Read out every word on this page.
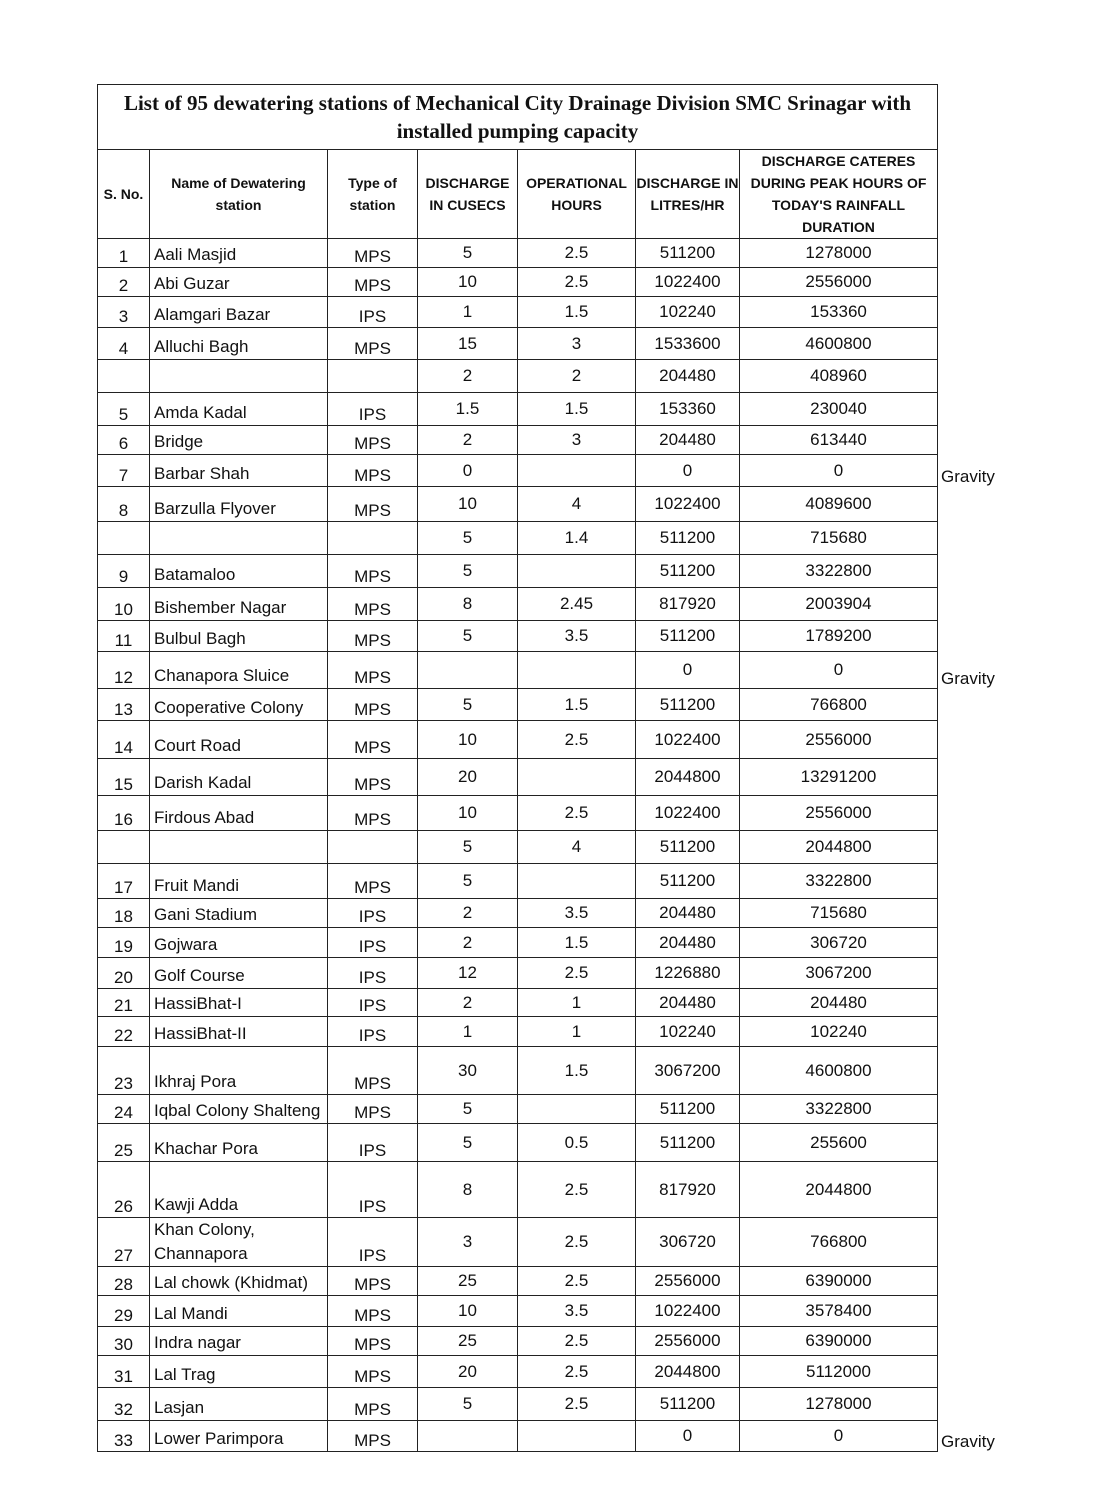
List of 95 dewatering stations of Mechanical City Drainage Division SMC Srinagar with installed pumping capacity							
S. No.	Name of Dewatering station	Type of station	DISCHARGE IN CUSECS	OPERATIONAL HOURS	DISCHARGE IN LITRES/HR	DISCHARGE CATERES DURING PEAK HOURS OF TODAY'S RAINFALL DURATION	
1	Aali Masjid	MPS	5	2.5	511200	1278000	
2	Abi Guzar	MPS	10	2.5	1022400	2556000	
3	Alamgari Bazar	IPS	1	1.5	102240	153360	
4	Alluchi Bagh	MPS	15	3	1533600	4600800	
			2	2	204480	408960	
5	Amda Kadal	IPS	1.5	1.5	153360	230040	
6	Bridge	MPS	2	3	204480	613440	
7	Barbar Shah	MPS	0		0	0	Gravity
8	Barzulla Flyover	MPS	10	4	1022400	4089600	
			5	1.4	511200	715680	
9	Batamaloo	MPS	5		511200	3322800	
10	Bishember Nagar	MPS	8	2.45	817920	2003904	
11	Bulbul Bagh	MPS	5	3.5	511200	1789200	
12	Chanapora Sluice	MPS			0	0	Gravity
13	Cooperative Colony	MPS	5	1.5	511200	766800	
14	Court Road	MPS	10	2.5	1022400	2556000	
15	Darish Kadal	MPS	20		2044800	13291200	
16	Firdous Abad	MPS	10	2.5	1022400	2556000	
			5	4	511200	2044800	
17	Fruit Mandi	MPS	5		511200	3322800	
18	Gani Stadium	IPS	2	3.5	204480	715680	
19	Gojwara	IPS	2	1.5	204480	306720	
20	Golf Course	IPS	12	2.5	1226880	3067200	
21	HassiBhat-I	IPS	2	1	204480	204480	
22	HassiBhat-II	IPS	1	1	102240	102240	
23	Ikhraj Pora	MPS	30	1.5	3067200	4600800	
24	Iqbal Colony Shalteng	MPS	5		511200	3322800	
25	Khachar Pora	IPS	5	0.5	511200	255600	
26	Kawji Adda	IPS	8	2.5	817920	2044800	
27	Khan Colony, Channapora	IPS	3	2.5	306720	766800	
28	Lal chowk (Khidmat)	MPS	25	2.5	2556000	6390000	
29	Lal Mandi	MPS	10	3.5	1022400	3578400	
30	Indra nagar	MPS	25	2.5	2556000	6390000	
31	Lal Trag	MPS	20	2.5	2044800	5112000	
32	Lasjan	MPS	5	2.5	511200	1278000	
33	Lower Parimpora	MPS			0	0	Gravity
